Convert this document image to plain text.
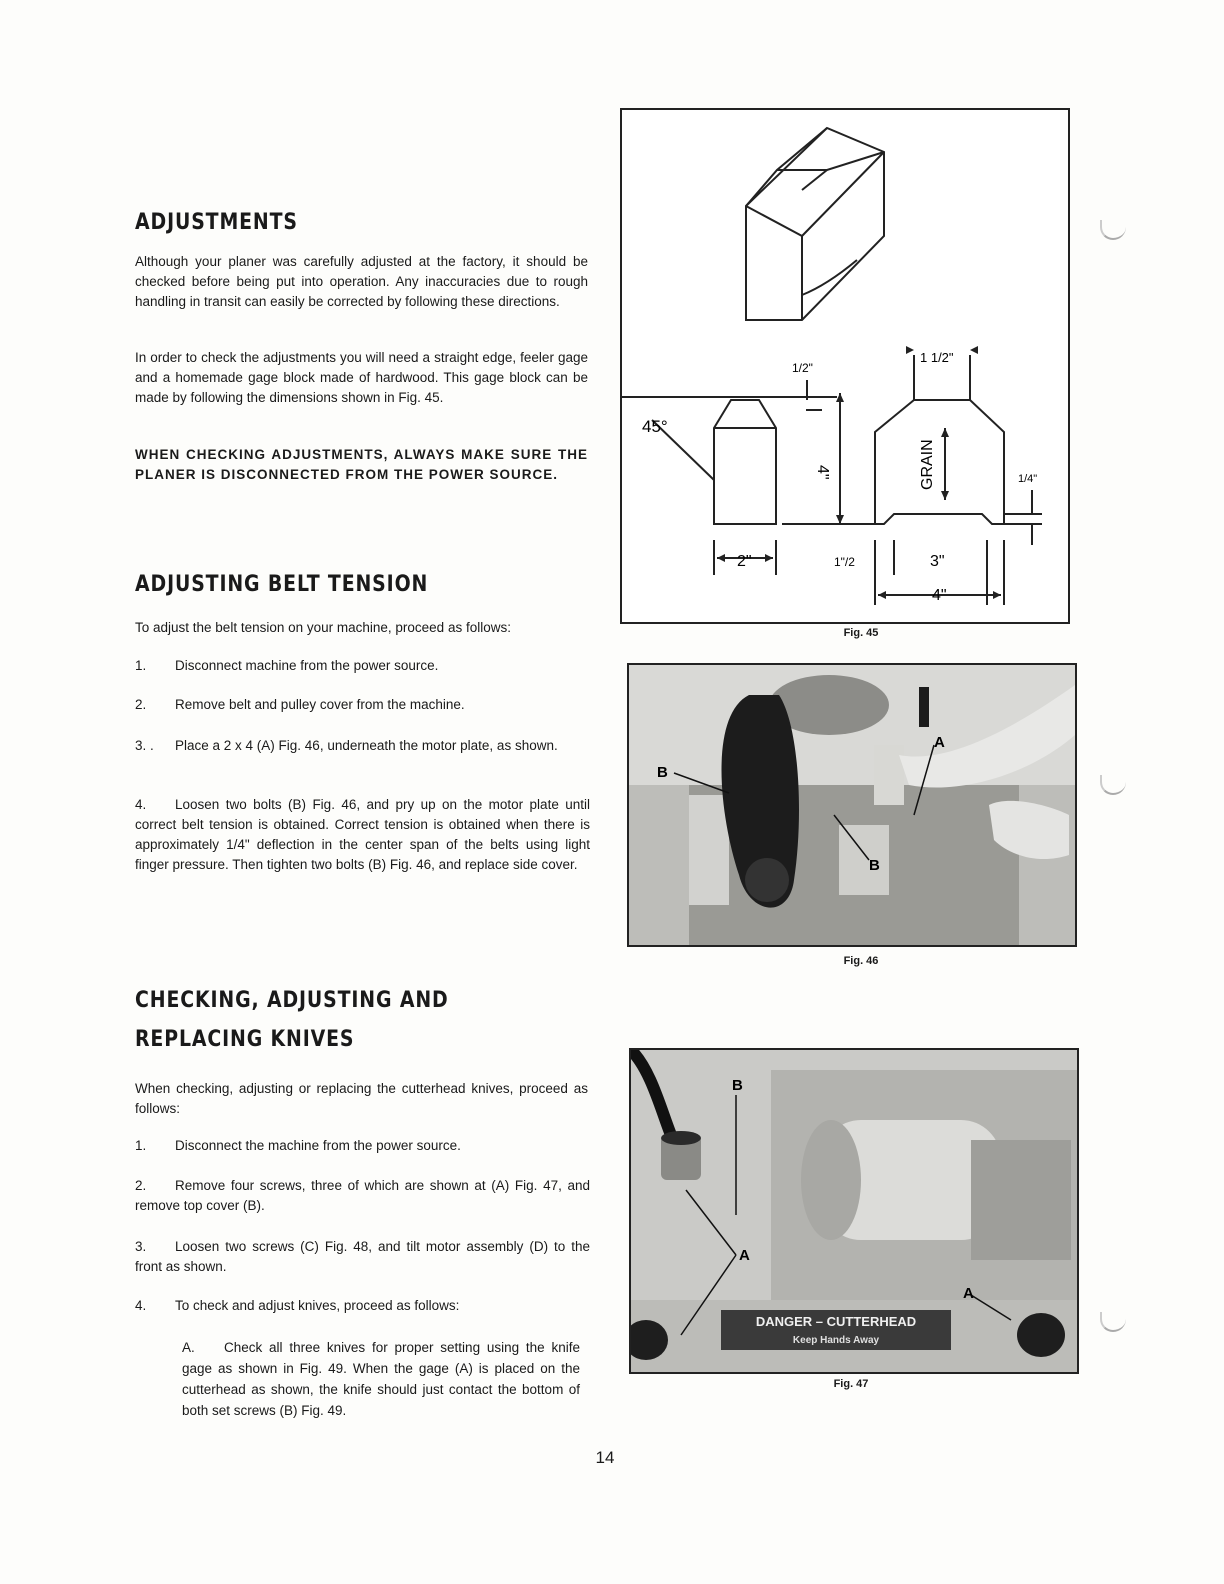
ADJUSTMENTS

Although your planer was carefully adjusted at the factory, it should be checked before being put into operation. Any inaccuracies due to rough handling in transit can easily be corrected by following these directions.

In order to check the adjustments you will need a straight edge, feeler gage and a homemade gage block made of hardwood. This gage block can be made by following the dimensions shown in Fig. 45.

WHEN CHECKING ADJUSTMENTS, ALWAYS MAKE SURE THE PLANER IS DISCONNECTED FROM THE POWER SOURCE.

ADJUSTING BELT TENSION

To adjust the belt tension on your machine, proceed as follows:

1. Disconnect machine from the power source.

2. Remove belt and pulley cover from the machine.

3. . Place a 2 x 4 (A) Fig. 46, underneath the motor plate, as shown.

4. Loosen two bolts (B) Fig. 46, and pry up on the motor plate until correct belt tension is obtained. Correct tension is obtained when there is approximately 1/4" deflection in the center span of the belts using light finger pressure. Then tighten two bolts (B) Fig. 46, and replace side cover.

CHECKING, ADJUSTING AND
REPLACING KNIVES

When checking, adjusting or replacing the cutterhead knives, proceed as follows:

1. Disconnect the machine from the power source.

2. Remove four screws, three of which are shown at (A) Fig. 47, and remove top cover (B).

3. Loosen two screws (C) Fig. 48, and tilt motor assembly (D) to the front as shown.

4. To check and adjust knives, proceed as follows:

A. Check all three knives for proper setting using the knife gage as shown in Fig. 49. When the gage (A) is placed on the cutterhead as shown, the knife should just contact the bottom of both set screws (B) Fig. 49.

45°
GRAIN
4"
2"	1"/2	3"
4"
1 1/2"
1/2"
1/4"
Fig. 45
B
A
B
Fig. 46
DANGER – CUTTERHEAD
Keep Hands Away
B
A
A
Fig. 47
14
